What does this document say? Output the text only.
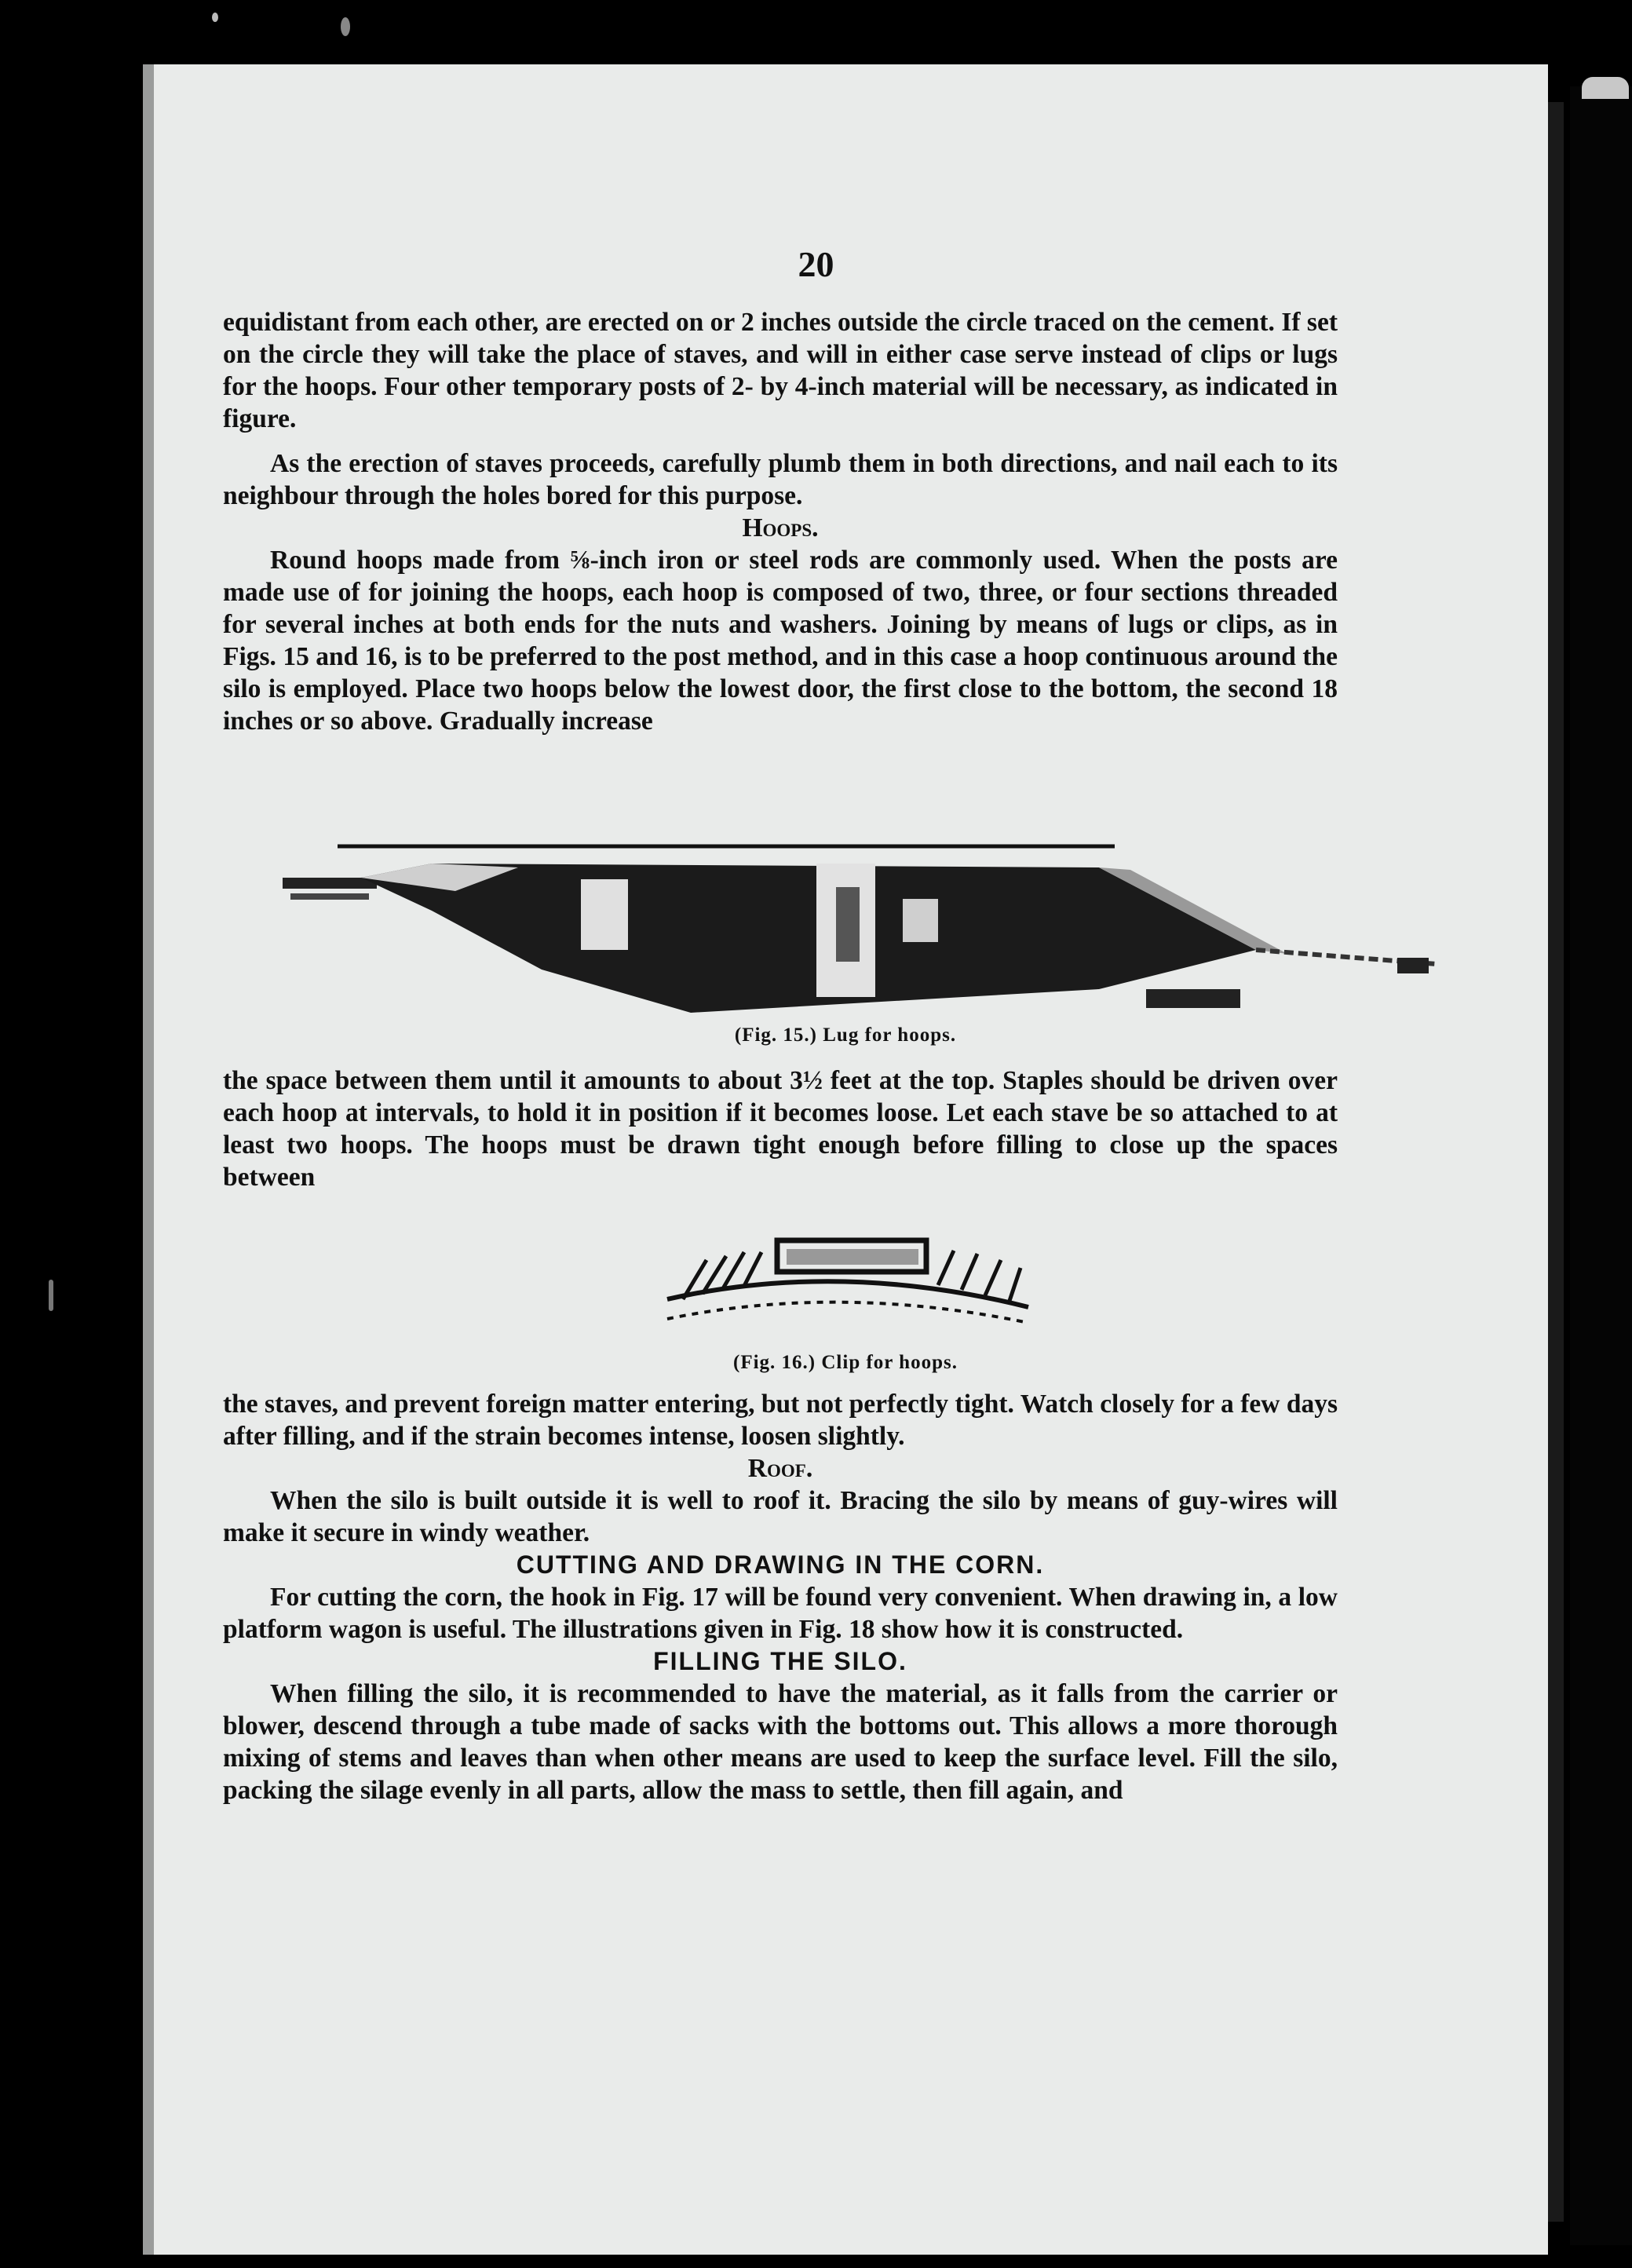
20

equidistant from each other, are erected on or 2 inches outside the circle traced on the cement. If set on the circle they will take the place of staves, and will in either case serve instead of clips or lugs for the hoops. Four other temporary posts of 2- by 4-inch material will be necessary, as indicated in figure.

As the erection of staves proceeds, carefully plumb them in both directions, and nail each to its neighbour through the holes bored for this purpose.

Hoops.

Round hoops made from ⅝-inch iron or steel rods are commonly used. When the posts are made use of for joining the hoops, each hoop is composed of two, three, or four sections threaded for several inches at both ends for the nuts and washers. Joining by means of lugs or clips, as in Figs. 15 and 16, is to be preferred to the post method, and in this case a hoop continuous around the silo is employed. Place two hoops below the lowest door, the first close to the bottom, the second 18 inches or so above. Gradually increase

(Fig. 15.) Lug for hoops.

the space between them until it amounts to about 3½ feet at the top. Staples should be driven over each hoop at intervals, to hold it in position if it becomes loose. Let each stave be so attached to at least two hoops. The hoops must be drawn tight enough before filling to close up the spaces between

(Fig. 16.) Clip for hoops.

the staves, and prevent foreign matter entering, but not perfectly tight. Watch closely for a few days after filling, and if the strain becomes intense, loosen slightly.

Roof.

When the silo is built outside it is well to roof it. Bracing the silo by means of guy-wires will make it secure in windy weather.

CUTTING AND DRAWING IN THE CORN.

For cutting the corn, the hook in Fig. 17 will be found very convenient. When drawing in, a low platform wagon is useful. The illustrations given in Fig. 18 show how it is constructed.

FILLING THE SILO.

When filling the silo, it is recommended to have the material, as it falls from the carrier or blower, descend through a tube made of sacks with the bottoms out. This allows a more thorough mixing of stems and leaves than when other means are used to keep the surface level. Fill the silo, packing the silage evenly in all parts, allow the mass to settle, then fill again, and
